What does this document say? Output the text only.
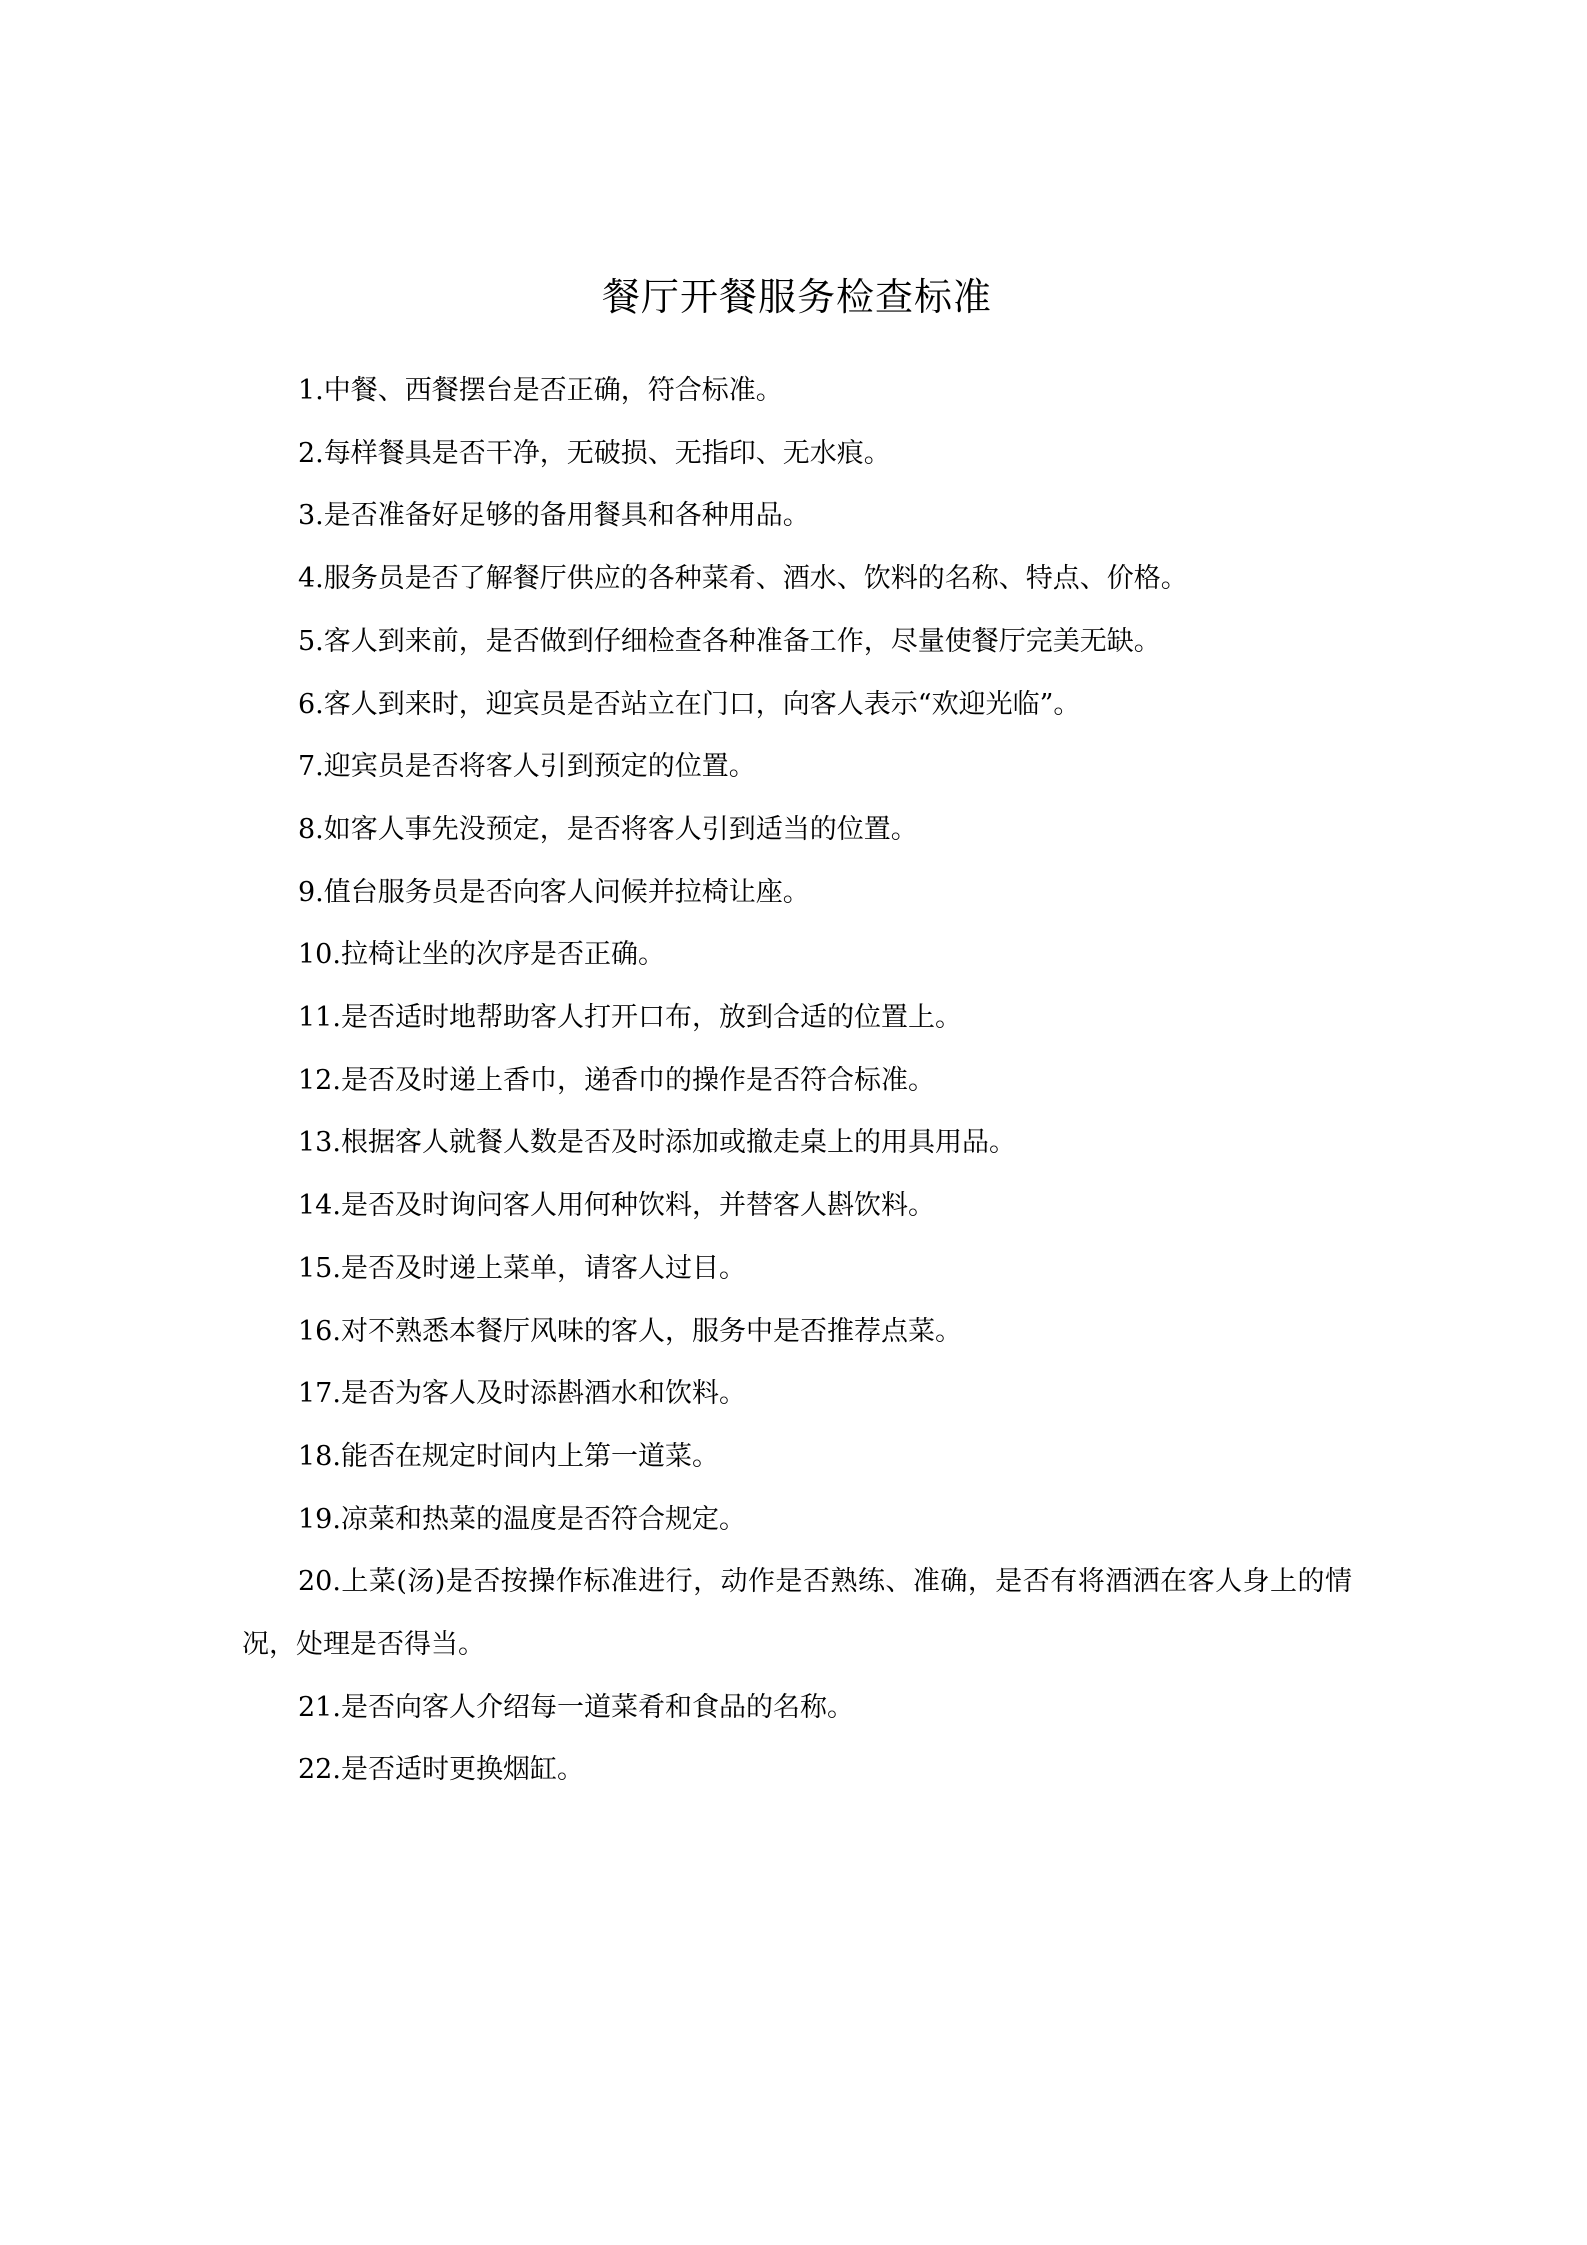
餐厅开餐服务检查标准

1.中餐、西餐摆台是否正确，符合标准。

2.每样餐具是否干净，无破损、无指印、无水痕。

3.是否准备好足够的备用餐具和各种用品。

4.服务员是否了解餐厅供应的各种菜肴、酒水、饮料的名称、特点、价格。

5.客人到来前，是否做到仔细检查各种准备工作，尽量使餐厅完美无缺。

6.客人到来时，迎宾员是否站立在门口，向客人表示“欢迎光临”。

7.迎宾员是否将客人引到预定的位置。

8.如客人事先没预定，是否将客人引到适当的位置。

9.值台服务员是否向客人问候并拉椅让座。

10.拉椅让坐的次序是否正确。

11.是否适时地帮助客人打开口布，放到合适的位置上。

12.是否及时递上香巾，递香巾的操作是否符合标准。

13.根据客人就餐人数是否及时添加或撤走桌上的用具用品。

14.是否及时询问客人用何种饮料，并替客人斟饮料。

15.是否及时递上菜单，请客人过目。

16.对不熟悉本餐厅风味的客人，服务中是否推荐点菜。

17.是否为客人及时添斟酒水和饮料。

18.能否在规定时间内上第一道菜。

19.凉菜和热菜的温度是否符合规定。

20.上菜(汤)是否按操作标准进行，动作是否熟练、准确，是否有将酒洒在客人身上的情况，处理是否得当。

21.是否向客人介绍每一道菜肴和食品的名称。

22.是否适时更换烟缸。
